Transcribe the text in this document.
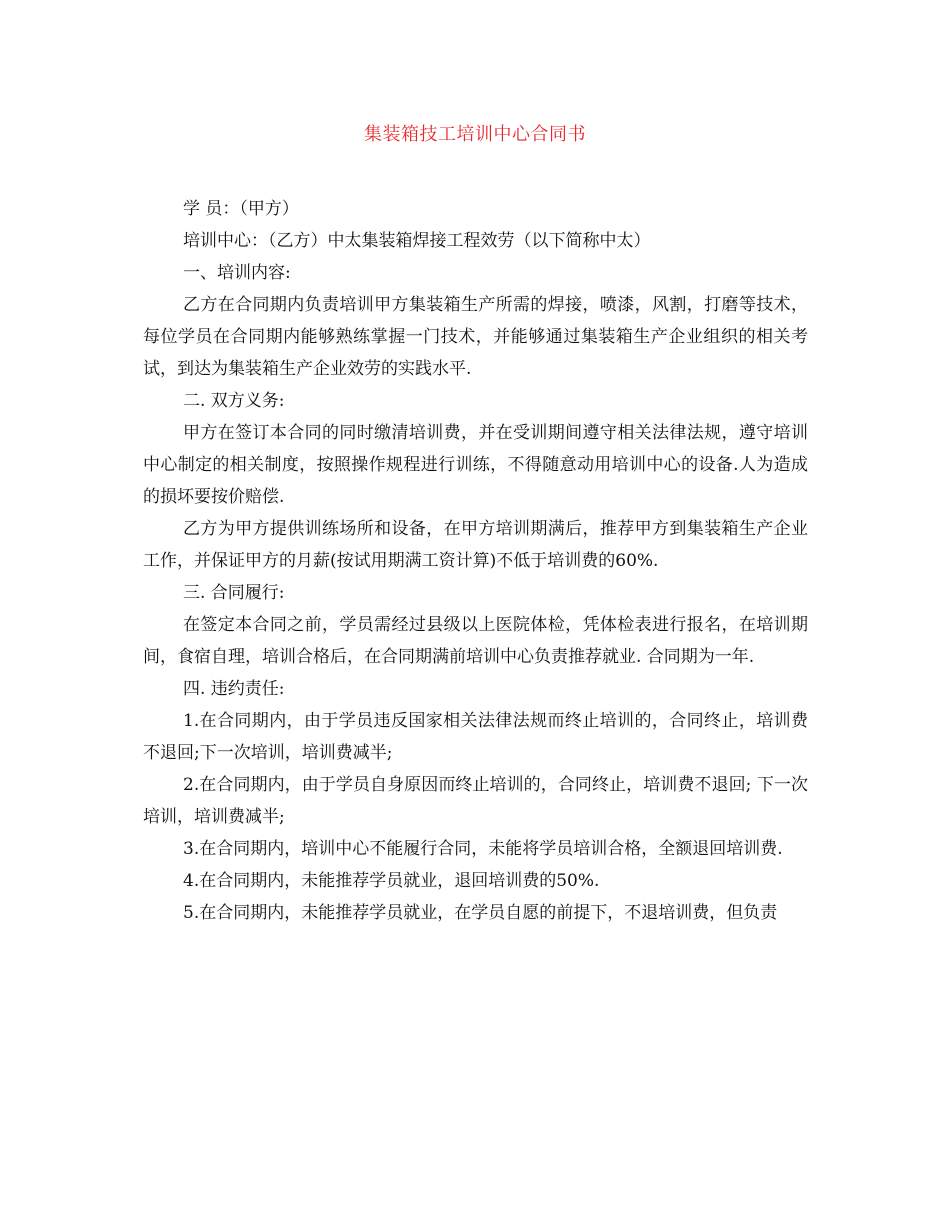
集装箱技工培训中心合同书

学 员：（甲方）

培训中心：（乙方）中太集装箱焊接工程效劳（以下简称中太）

一、培训内容:

乙方在合同期内负责培训甲方集装箱生产所需的焊接，喷漆，风割，打磨等技术，每位学员在合同期内能够熟练掌握一门技术，并能够通过集装箱生产企业组织的相关考试，到达为集装箱生产企业效劳的实践水平.

二. 双方义务:

甲方在签订本合同的同时缴清培训费，并在受训期间遵守相关法律法规，遵守培训中心制定的相关制度，按照操作规程进行训练，不得随意动用培训中心的设备.人为造成的损坏要按价赔偿.

乙方为甲方提供训练场所和设备，在甲方培训期满后，推荐甲方到集装箱生产企业工作，并保证甲方的月薪(按试用期满工资计算)不低于培训费的60%.

三. 合同履行:

在签定本合同之前，学员需经过县级以上医院体检，凭体检表进行报名，在培训期间，食宿自理，培训合格后，在合同期满前培训中心负责推荐就业. 合同期为一年.

四. 违约责任:

1.在合同期内，由于学员违反国家相关法律法规而终止培训的，合同终止，培训费不退回;下一次培训，培训费减半;

2.在合同期内，由于学员自身原因而终止培训的，合同终止，培训费不退回; 下一次培训，培训费减半;

3.在合同期内，培训中心不能履行合同，未能将学员培训合格，全额退回培训费.

4.在合同期内，未能推荐学员就业，退回培训费的50%.

5.在合同期内，未能推荐学员就业，在学员自愿的前提下，不退培训费，但负责
